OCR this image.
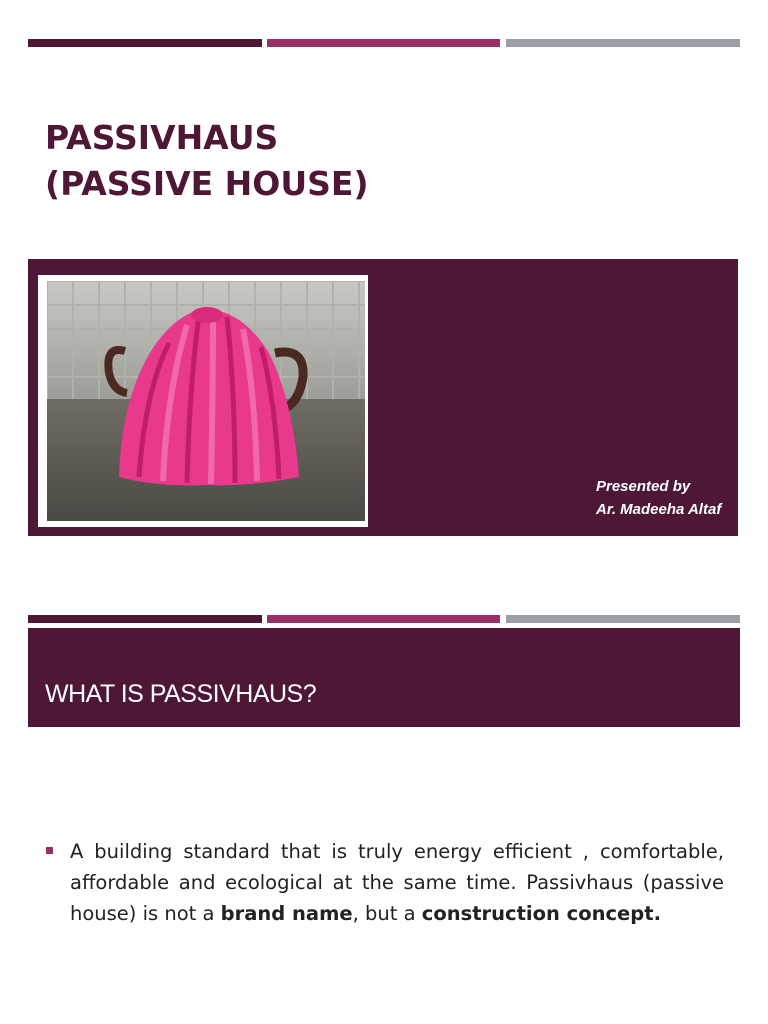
PASSIVHAUS
(PASSIVE HOUSE)
Presented by
Ar. Madeeha Altaf
WHAT IS PASSIVHAUS?

A building standard that is truly energy efficient , comfortable, affordable and ecological at the same time. Passivhaus (passive house) is not a brand name, but a construction concept.
